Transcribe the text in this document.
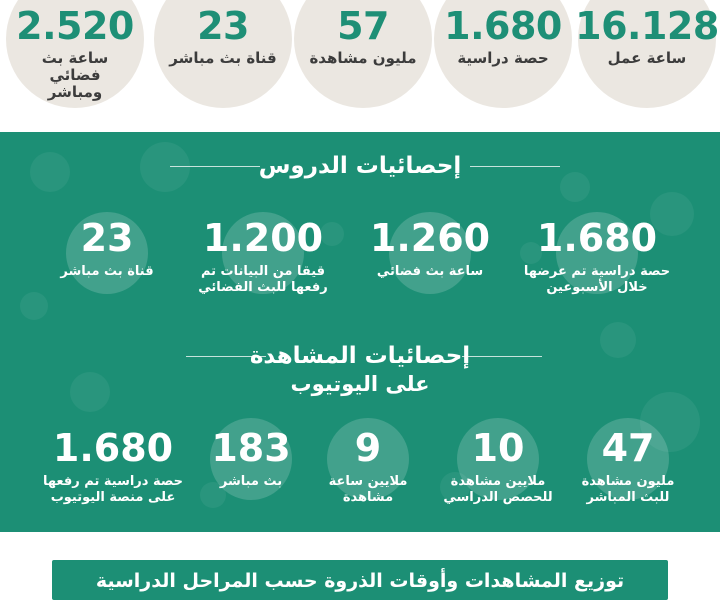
16.128
ساعة عمل
1.680
حصة دراسية
57
مليون مشاهدة
23
قناة بث مباشر
2.520
ساعة بث فضائي
ومباشر
إحصائيات الدروس
1.680
حصة دراسية تم عرضها
خلال الأسبوعين
1.260
ساعة بث فضائي
1.200
قيقا من البيانات تم
رفعها للبث الفضائي
23
قناة بث مباشر
إحصائيات المشاهدة
على اليوتيوب
47
مليون مشاهدة
للبث المباشر
10
ملايين مشاهدة
للحصص الدراسي
9
ملايين ساعة
مشاهدة
183
بث مباشر
1.680
حصة دراسية تم رفعها
على منصة اليوتيوب
توزيع المشاهدات وأوقات الذروة حسب المراحل الدراسية
